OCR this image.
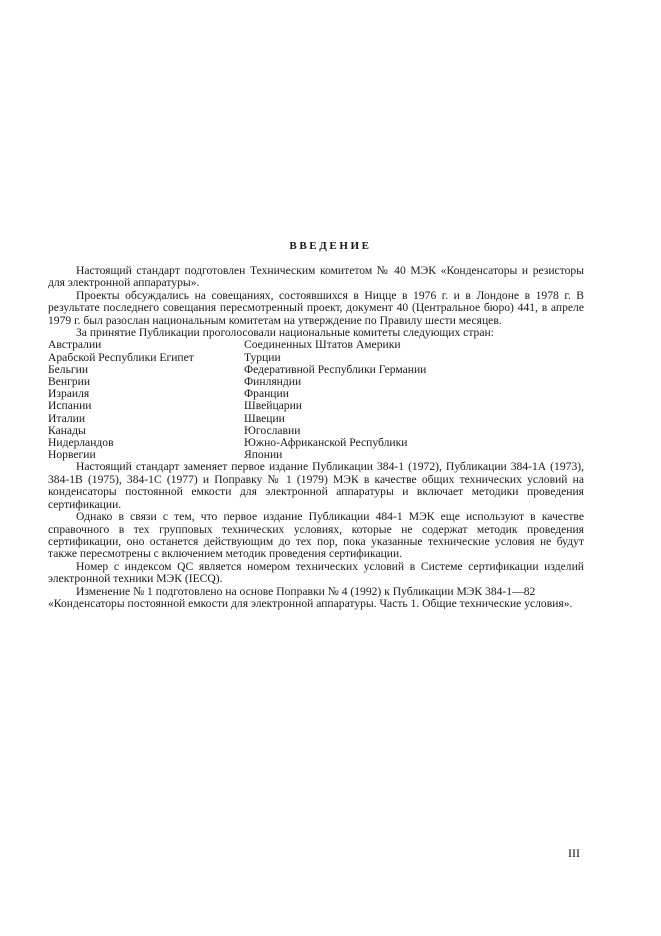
ВВЕДЕНИЕ

Настоящий стандарт подготовлен Техническим комитетом № 40 МЭК «Конденсаторы и резисторы для электронной аппаратуры».

Проекты обсуждались на совещаниях, состоявшихся в Ницце в 1976 г. и в Лондоне в 1978 г. В результате последнего совещания пересмотренный проект, документ 40 (Центральное бюро) 441, в апреле 1979 г. был разослан национальным комитетам на утверждение по Правилу шести месяцев.

За принятие Публикации проголосовали национальные комитеты следующих стран:

Австралии	Соединенных Штатов Америки
Арабской Республики Египет	Турции
Бельгии	Федеративной Республики Германии
Венгрии	Финляндии
Израиля	Франции
Испании	Швейцарии
Италии	Швеции
Канады	Югославии
Нидерландов	Южно-Африканской Республики
Норвегии	Японии

Настоящий стандарт заменяет первое издание Публикации 384-1 (1972), Публикации 384-1А (1973), 384-1В (1975), 384-1С (1977) и Поправку № 1 (1979) МЭК в качестве общих технических условий на конденсаторы постоянной емкости для электронной аппаратуры и включает методики проведения сертификации.

Однако в связи с тем, что первое издание Публикации 484-1 МЭК еще используют в качестве справочного в тех групповых технических условиях, которые не содержат методик проведения сертификации, оно останется действующим до тех пор, пока указанные технические условия не будут также пересмотрены с включением методик проведения сертификации.

Номер с индексом QC является номером технических условий в Системе сертификации изделий электронной техники МЭК (IECQ).

Изменение № 1 подготовлено на основе Поправки № 4 (1992) к Публикации МЭК 384-1—82 «Конденсаторы постоянной емкости для электронной аппаратуры. Часть 1. Общие технические условия».

III
